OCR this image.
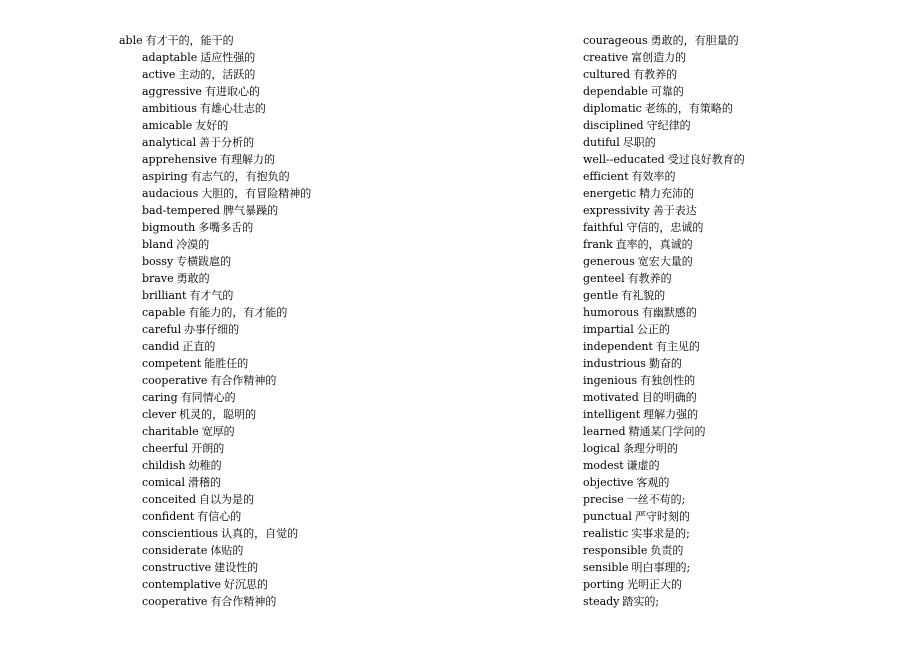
able 有才干的，能干的
adaptable 适应性强的
active 主动的，活跃的
aggressive 有进取心的
ambitious 有雄心壮志的
amicable 友好的
analytical 善于分析的
apprehensive 有理解力的
aspiring 有志气的，有抱负的
audacious 大胆的，有冒险精神的
bad-tempered 脾气暴躁的
bigmouth 多嘴多舌的
bland 冷漠的
bossy 专横跋扈的
brave 勇敢的
brilliant 有才气的
capable 有能力的，有才能的
careful 办事仔细的
candid 正直的
competent 能胜任的
cooperative 有合作精神的
caring 有同情心的
clever 机灵的，聪明的
charitable 宽厚的
cheerful 开朗的
childish 幼稚的
comical 滑稽的
conceited 自以为是的
confident 有信心的
conscientious 认真的，自觉的
considerate 体贴的
constructive 建设性的
contemplative 好沉思的
cooperative 有合作精神的
courageous 勇敢的，有胆量的
creative 富创造力的
cultured 有教养的
dependable 可靠的
diplomatic 老练的，有策略的
disciplined 守纪律的
dutiful 尽职的
well--educated 受过良好教育的
efficient 有效率的
energetic 精力充沛的
expressivity 善于表达
faithful 守信的，忠诚的
frank 直率的，真诚的
generous 宽宏大量的
genteel 有教养的
gentle 有礼貌的
humorous 有幽默感的
impartial 公正的
independent 有主见的
industrious 勤奋的
ingenious 有独创性的
motivated 目的明确的
intelligent 理解力强的
learned 精通某门学问的
logical 条理分明的
modest 谦虚的
objective 客观的
precise 一丝不苟的;
punctual 严守时刻的
realistic 实事求是的;
responsible 负责的
sensible 明白事理的;
porting 光明正大的
steady 踏实的;
